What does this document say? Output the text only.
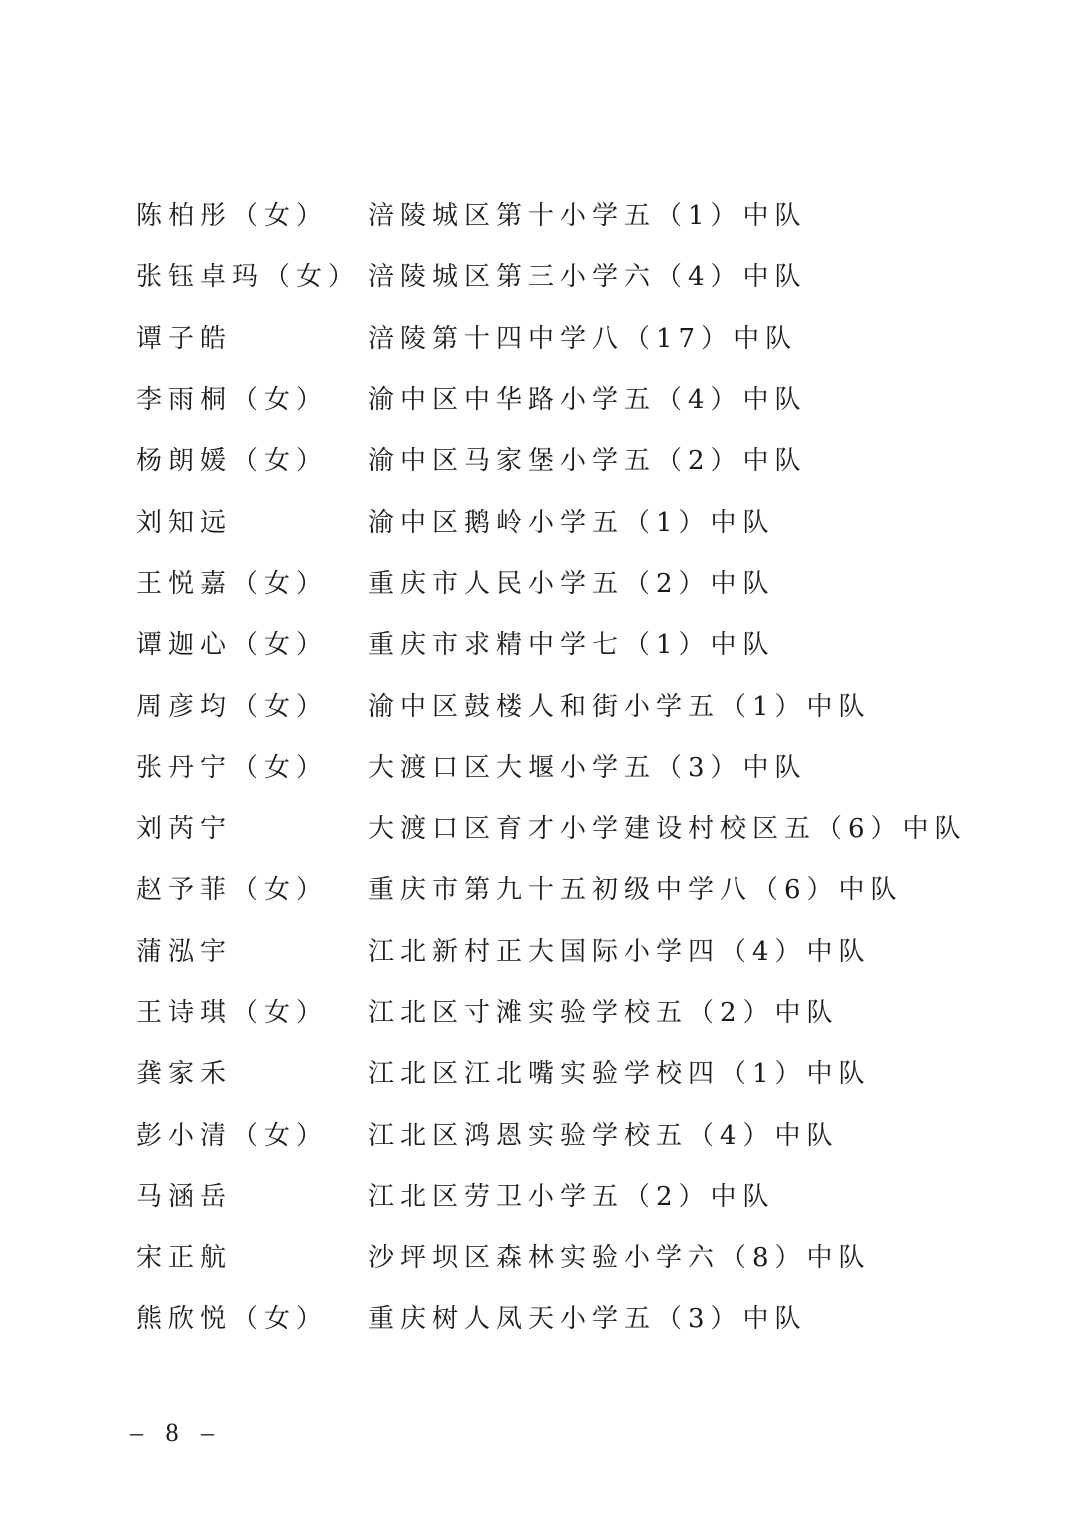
陈柏彤（女）	涪陵城区第十小学五（1）中队
张钰卓玛（女） 涪陵城区第三小学六（4）中队
谭子皓	涪陵第十四中学八（17）中队
李雨桐（女）	渝中区中华路小学五（4）中队
杨朗媛（女）	渝中区马家堡小学五（2）中队
刘知远	渝中区鹅岭小学五（1）中队
王悦嘉（女）	重庆市人民小学五（2）中队
谭迦心（女）	重庆市求精中学七（1）中队
周彦均（女）	渝中区鼓楼人和街小学五（1）中队
张丹宁（女）	大渡口区大堰小学五（3）中队
刘芮宁	大渡口区育才小学建设村校区五（6）中队
赵予菲（女）	重庆市第九十五初级中学八（6）中队
蒲泓宇	江北新村正大国际小学四（4）中队
王诗琪（女）	江北区寸滩实验学校五（2）中队
龚家禾	江北区江北嘴实验学校四（1）中队
彭小清（女）	江北区鸿恩实验学校五（4）中队
马涵岳	江北区劳卫小学五（2）中队
宋正航	沙坪坝区森林实验小学六（8）中队
熊欣悦（女）	重庆树人凤天小学五（3）中队
– 8 –
